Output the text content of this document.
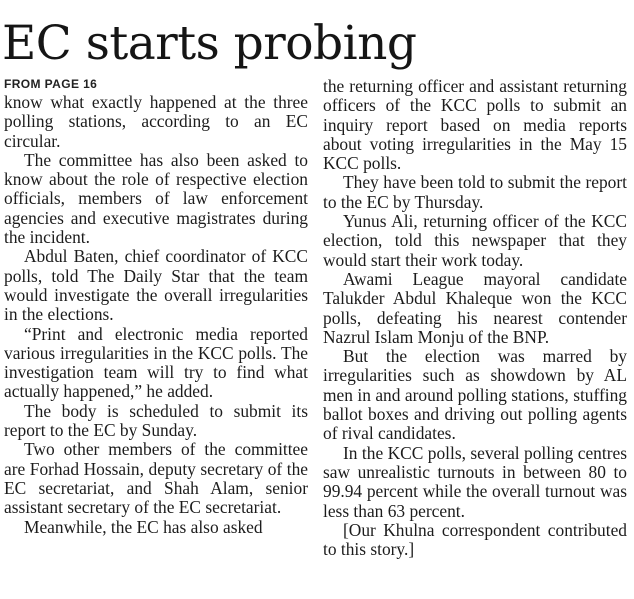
EC starts probing
FROM PAGE 16

know what exactly happened at the three polling stations, according to an EC circular.

The committee has also been asked to know about the role of respective election officials, members of law enforcement agencies and executive magistrates during the incident.

Abdul Baten, chief coordinator of KCC polls, told The Daily Star that the team would investigate the overall irregularities in the elections.

“Print and electronic media reported various irregularities in the KCC polls. The investigation team will try to find what actually happened,” he added.

The body is scheduled to submit its report to the EC by Sunday.

Two other members of the committee are Forhad Hossain, deputy secretary of the EC secretariat, and Shah Alam, senior assistant secretary of the EC secretariat.

Meanwhile, the EC has also asked

the returning officer and assistant returning officers of the KCC polls to submit an inquiry report based on media reports about voting irregularities in the May 15 KCC polls.

They have been told to submit the report to the EC by Thursday.

Yunus Ali, returning officer of the KCC election, told this newspaper that they would start their work today.

Awami League mayoral candidate Talukder Abdul Khaleque won the KCC polls, defeating his nearest contender Nazrul Islam Monju of the BNP.

But the election was marred by irregularities such as showdown by AL men in and around polling stations, stuffing ballot boxes and driving out polling agents of rival candidates.

In the KCC polls, several polling centres saw unrealistic turnouts in between 80 to 99.94 percent while the overall turnout was less than 63 percent.

[Our Khulna correspondent contributed to this story.]
